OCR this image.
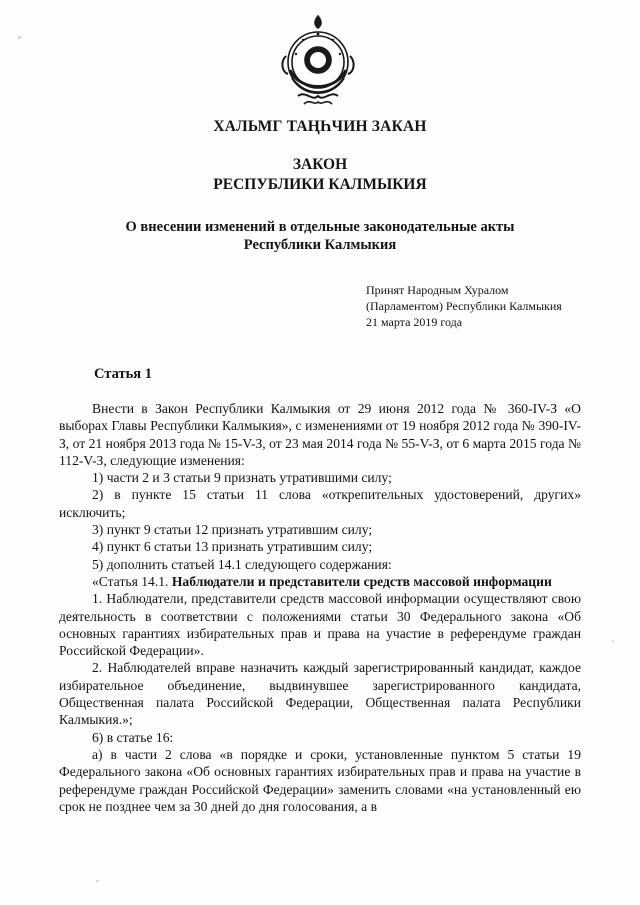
ХАЛЬМГ ТАҢҺЧИН ЗАКАН
ЗАКОН
РЕСПУБЛИКИ КАЛМЫКИЯ
О внесении изменений в отдельные законодательные акты
Республики Калмыкия
Принят Народным Хуралом
(Парламентом) Республики Калмыкия
21 марта 2019 года
Статья 1

Внести в Закон Республики Калмыкия от 29 июня 2012 года № 360-IV-З «О выборах Главы Республики Калмыкия», с изменениями от 19 ноября 2012 года № 390-IV-З, от 21 ноября 2013 года № 15-V-З, от 23 мая 2014 года № 55-V-З, от 6 марта 2015 года № 112-V-З, следующие изменения:

1) части 2 и 3 статьи 9 признать утратившими силу;

2) в пункте 15 статьи 11 слова «открепительных удостоверений, других» исключить;

3) пункт 9 статьи 12 признать утратившим силу;

4) пункт 6 статьи 13 признать утратившим силу;

5) дополнить статьей 14.1 следующего содержания:

«Статья 14.1. Наблюдатели и представители средств массовой информации

1. Наблюдатели, представители средств массовой информации осуществляют свою деятельность в соответствии с положениями статьи 30 Федерального закона «Об основных гарантиях избирательных прав и права на участие в референдуме граждан Российской Федерации».

2. Наблюдателей вправе назначить каждый зарегистрированный кандидат, каждое избирательное объединение, выдвинувшее зарегистрированного кандидата, Общественная палата Российской Федерации, Общественная палата Республики Калмыкия.»;

6) в статье 16:

а) в части 2 слова «в порядке и сроки, установленные пунктом 5 статьи 19 Федерального закона «Об основных гарантиях избирательных прав и права на участие в референдуме граждан Российской Федерации» заменить словами «на установленный ею срок не позднее чем за 30 дней до дня голосования, а в
